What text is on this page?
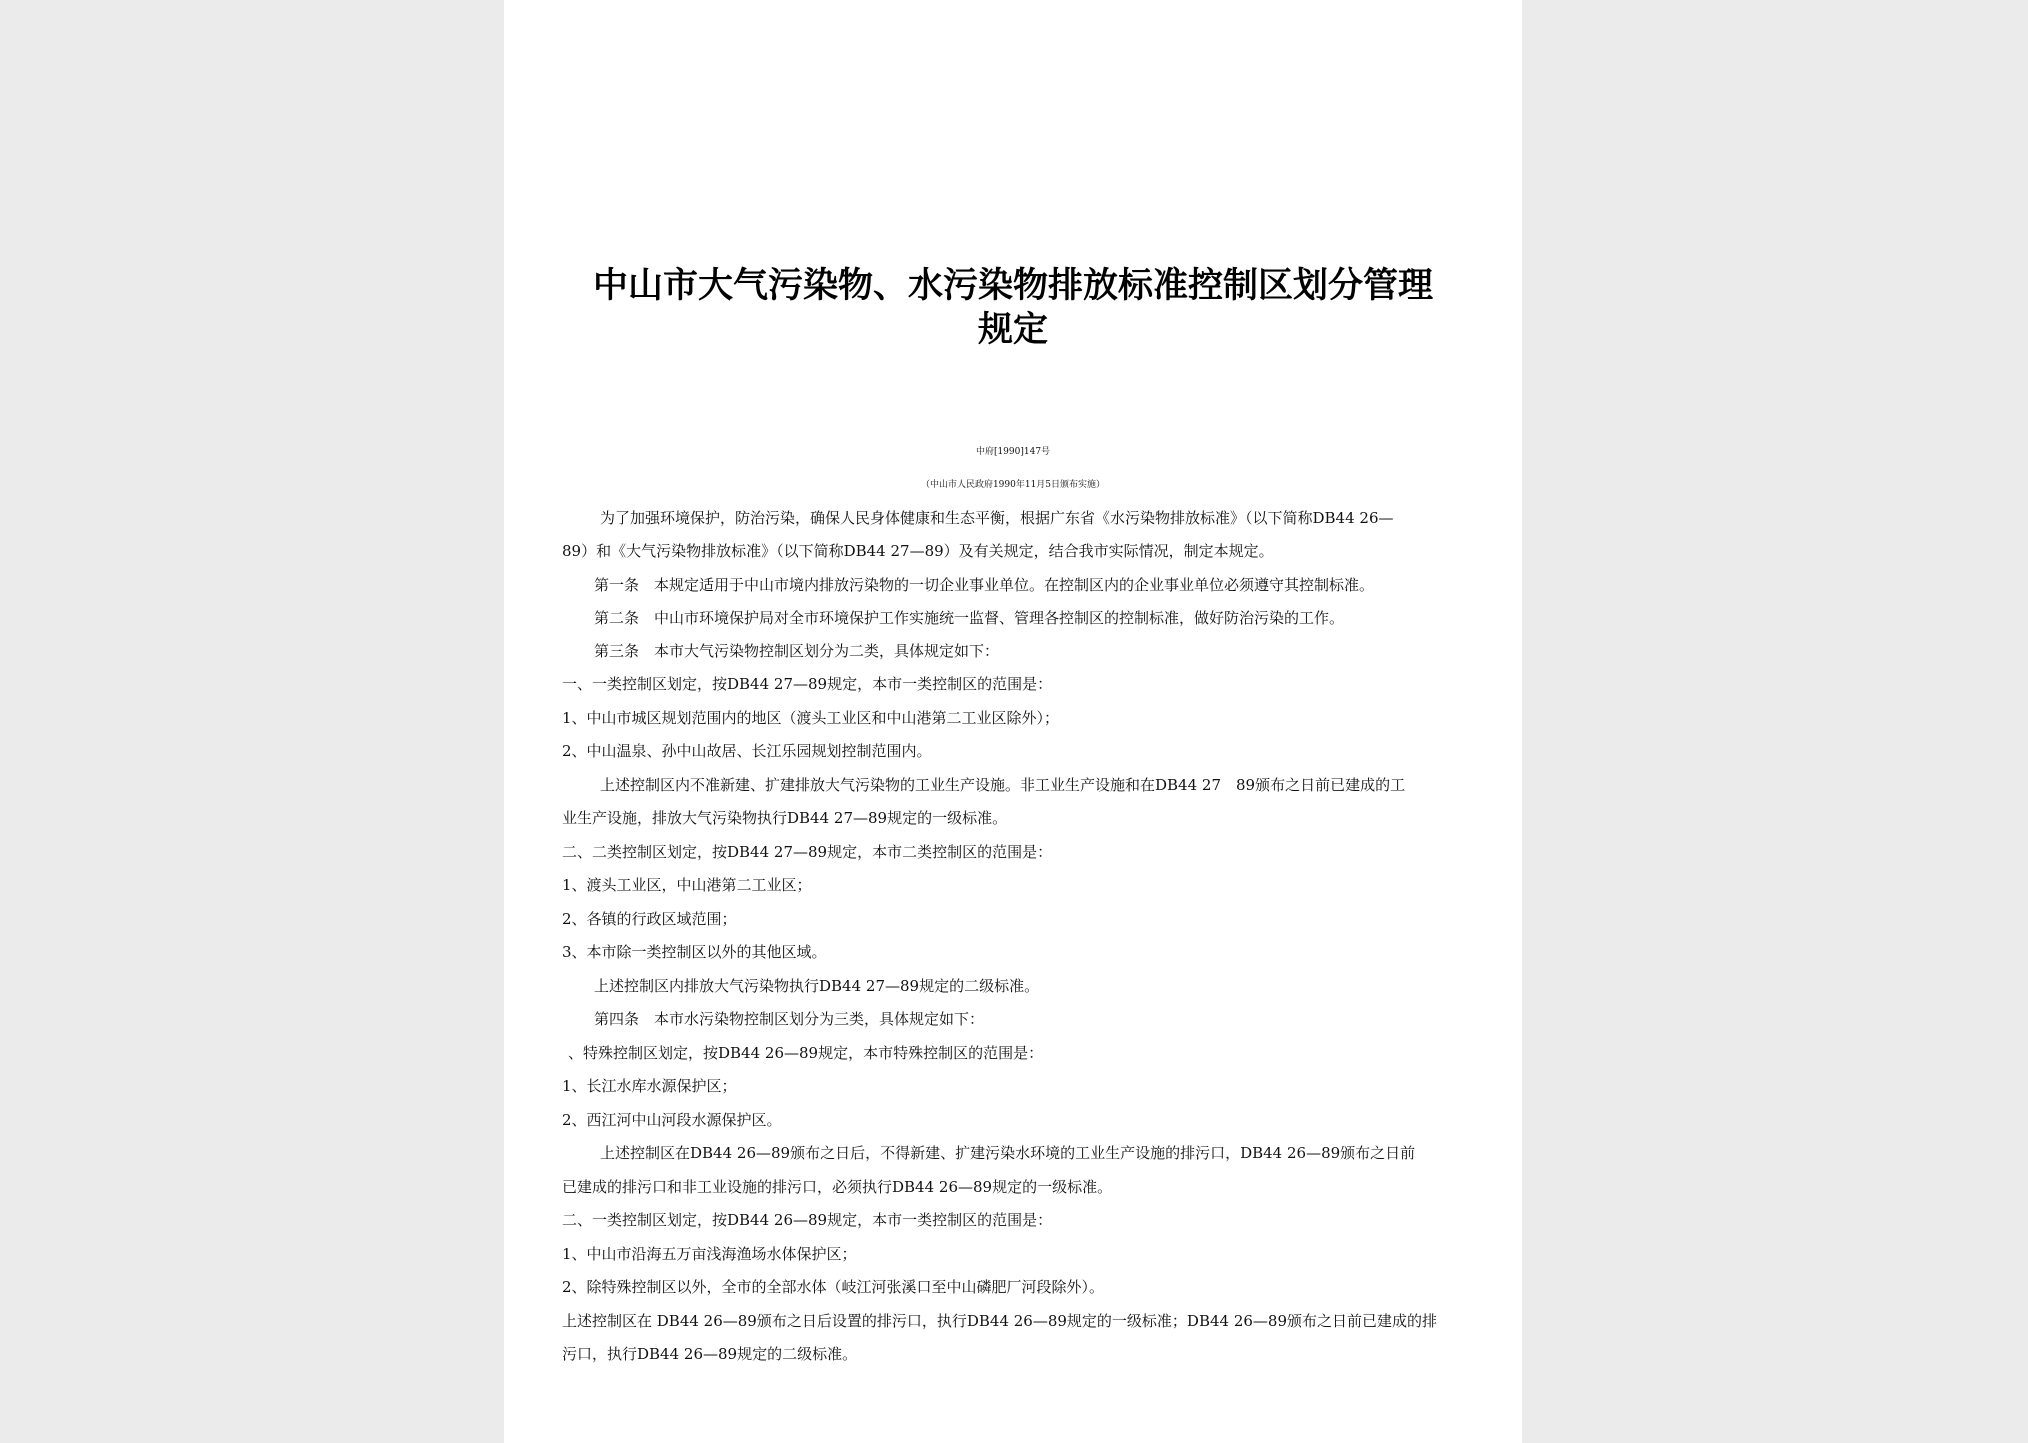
中山市大气污染物、水污染物排放标准控制区划分管理
规定
中府[1990]147号
（中山市人民政府1990年11月5日颁布实施）
为了加强环境保护，防治污染，确保人民身体健康和生态平衡，根据广东省《水污染物排放标准》（以下简称DB44 26—
89）和《大气污染物排放标准》（以下简称DB44 27—89）及有关规定，结合我市实际情况，制定本规定。
第一条　本规定适用于中山市境内排放污染物的一切企业事业单位。在控制区内的企业事业单位必须遵守其控制标准。
第二条　中山市环境保护局对全市环境保护工作实施统一监督、管理各控制区的控制标准，做好防治污染的工作。
第三条　本市大气污染物控制区划分为二类，具体规定如下：
一、一类控制区划定，按DB44 27—89规定，本市一类控制区的范围是：
1、中山市城区规划范围内的地区（渡头工业区和中山港第二工业区除外）；
2、中山温泉、孙中山故居、长江乐园规划控制范围内。
上述控制区内不准新建、扩建排放大气污染物的工业生产设施。非工业生产设施和在DB44 27　89颁布之日前已建成的工
业生产设施，排放大气污染物执行DB44 27—89规定的一级标准。
二、二类控制区划定，按DB44 27—89规定，本市二类控制区的范围是：
1、渡头工业区，中山港第二工业区；
2、各镇的行政区域范围；
3、本市除一类控制区以外的其他区域。
上述控制区内排放大气污染物执行DB44 27—89规定的二级标准。
第四条　本市水污染物控制区划分为三类，具体规定如下：
、特殊控制区划定，按DB44 26—89规定，本市特殊控制区的范围是：
1、长江水库水源保护区；
2、西江河中山河段水源保护区。
上述控制区在DB44 26—89颁布之日后，不得新建、扩建污染水环境的工业生产设施的排污口，DB44 26—89颁布之日前
已建成的排污口和非工业设施的排污口，必须执行DB44 26—89规定的一级标准。
二、一类控制区划定，按DB44 26—89规定，本市一类控制区的范围是：
1、中山市沿海五万亩浅海渔场水体保护区；
2、除特殊控制区以外，全市的全部水体（岐江河张溪口至中山磷肥厂河段除外）。
上述控制区在 DB44 26—89颁布之日后设置的排污口，执行DB44 26—89规定的一级标准；DB44 26—89颁布之日前已建成的排
污口，执行DB44 26—89规定的二级标准。
